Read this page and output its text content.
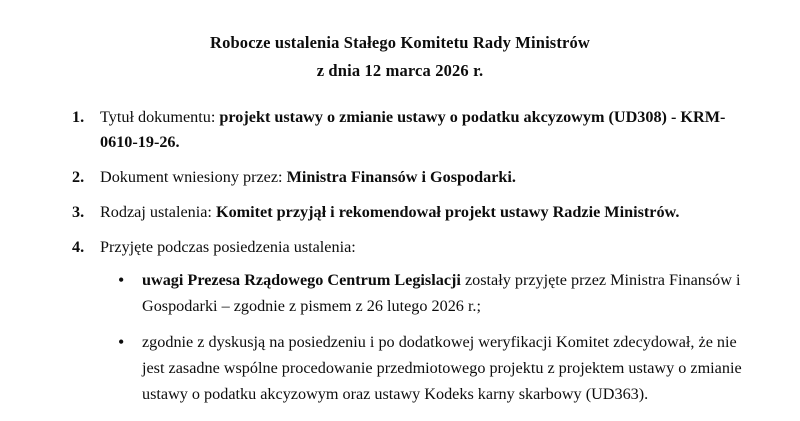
Robocze ustalenia Stałego Komitetu Rady Ministrów
z dnia 12 marca 2026 r.
Tytuł dokumentu: projekt ustawy o zmianie ustawy o podatku akcyzowym (UD308) - KRM-0610-19-26.
Dokument wniesiony przez: Ministra Finansów i Gospodarki.
Rodzaj ustalenia: Komitet przyjął i rekomendował projekt ustawy Radzie Ministrów.
Przyjęte podczas posiedzenia ustalenia:
• uwagi Prezesa Rządowego Centrum Legislacji zostały przyjęte przez Ministra Finansów i Gospodarki – zgodnie z pismem z 26 lutego 2026 r.;
• zgodnie z dyskusją na posiedzeniu i po dodatkowej weryfikacji Komitet zdecydował, że nie jest zasadne wspólne procedowanie przedmiotowego projektu z projektem ustawy o zmianie ustawy o podatku akcyzowym oraz ustawy Kodeks karny skarbowy (UD363).
